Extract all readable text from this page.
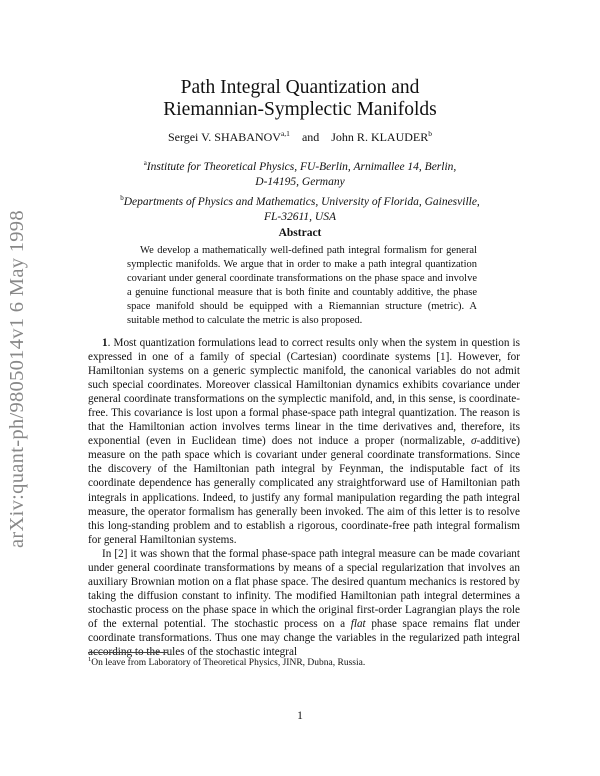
arXiv:quant-ph/9805014v1 6 May 1998
Path Integral Quantization and
Riemannian-Symplectic Manifolds
Sergei V. SHABANOV$^{a,1}$ and John R. KLAUDER$^b$
$^a$Institute for Theoretical Physics, FU-Berlin, Arnimallee 14, Berlin,
D-14195, Germany
$^b$Departments of Physics and Mathematics, University of Florida, Gainesville,
FL-32611, USA
Abstract
We develop a mathematically well-defined path integral formalism for general symplectic manifolds. We argue that in order to make a path integral quantization covariant under general coordinate transformations on the phase space and involve a genuine functional measure that is both finite and countably additive, the phase space manifold should be equipped with a Riemannian structure (metric). A suitable method to calculate the metric is also proposed.

1. Most quantization formulations lead to correct results only when the system in question is expressed in one of a family of special (Cartesian) coordinate systems [1]. However, for Hamiltonian systems on a generic symplectic manifold, the canonical variables do not admit such special coordinates. Moreover classical Hamiltonian dynamics exhibits covariance under general coordinate transformations on the symplectic manifold, and, in this sense, is coordinate-free. This covariance is lost upon a formal phase-space path integral quantization. The reason is that the Hamiltonian action involves terms linear in the time derivatives and, therefore, its exponential (even in Euclidean time) does not induce a proper (normalizable, σ-additive) measure on the path space which is covariant under general coordinate transformations. Since the discovery of the Hamiltonian path integral by Feynman, the indisputable fact of its coordinate dependence has generally complicated any straightforward use of Hamiltonian path integrals in applications. Indeed, to justify any formal manipulation regarding the path integral measure, the operator formalism has generally been invoked. The aim of this letter is to resolve this long-standing problem and to establish a rigorous, coordinate-free path integral formalism for general Hamiltonian systems.

In [2] it was shown that the formal phase-space path integral measure can be made covariant under general coordinate transformations by means of a special regularization that involves an auxiliary Brownian motion on a flat phase space. The desired quantum mechanics is restored by taking the diffusion constant to infinity. The modified Hamiltonian path integral determines a stochastic process on the phase space in which the original first-order Lagrangian plays the role of the external potential. The stochastic process on a flat phase space remains flat under coordinate transformations. Thus one may change the variables in the regularized path integral according to the rules of the stochastic integral

$^1$On leave from Laboratory of Theoretical Physics, JINR, Dubna, Russia.
1
